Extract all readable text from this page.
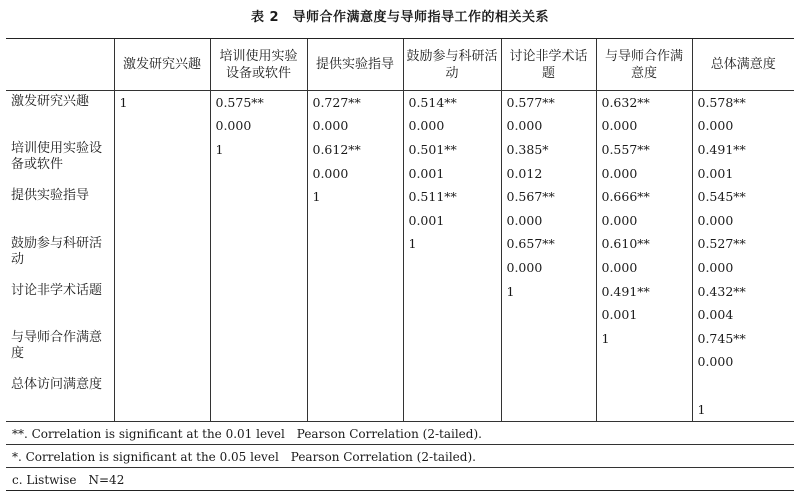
表 2　导师合作满意度与导师指导工作的相关关系
	激发研究兴趣	培训使用实验设备或软件	提供实验指导	鼓励参与科研活动	讨论非学术话题	与导师合作满意度	总体满意度
激发研究兴趣	1	0.575**	0.727**	0.514**	0.577**	0.632**	0.578**
		0.000	0.000	0.000	0.000	0.000	0.000
培训使用实验设备或软件		1	0.612**	0.501**	0.385*	0.557**	0.491**
			0.000	0.001	0.012	0.000	0.001
提供实验指导			1	0.511**	0.567**	0.666**	0.545**
				0.001	0.000	0.000	0.000
鼓励参与科研活动				1	0.657**	0.610**	0.527**
					0.000	0.000	0.000
讨论非学术话题					1	0.491**	0.432**
						0.001	0.004
与导师合作满意度						1	0.745**
							0.000
总体访问满意度							
							1
**. Correlation is significant at the 0.01 level　Pearson Correlation (2-tailed).							
*. Correlation is significant at the 0.05 level　Pearson Correlation (2-tailed).							
c. Listwise　N=42							
